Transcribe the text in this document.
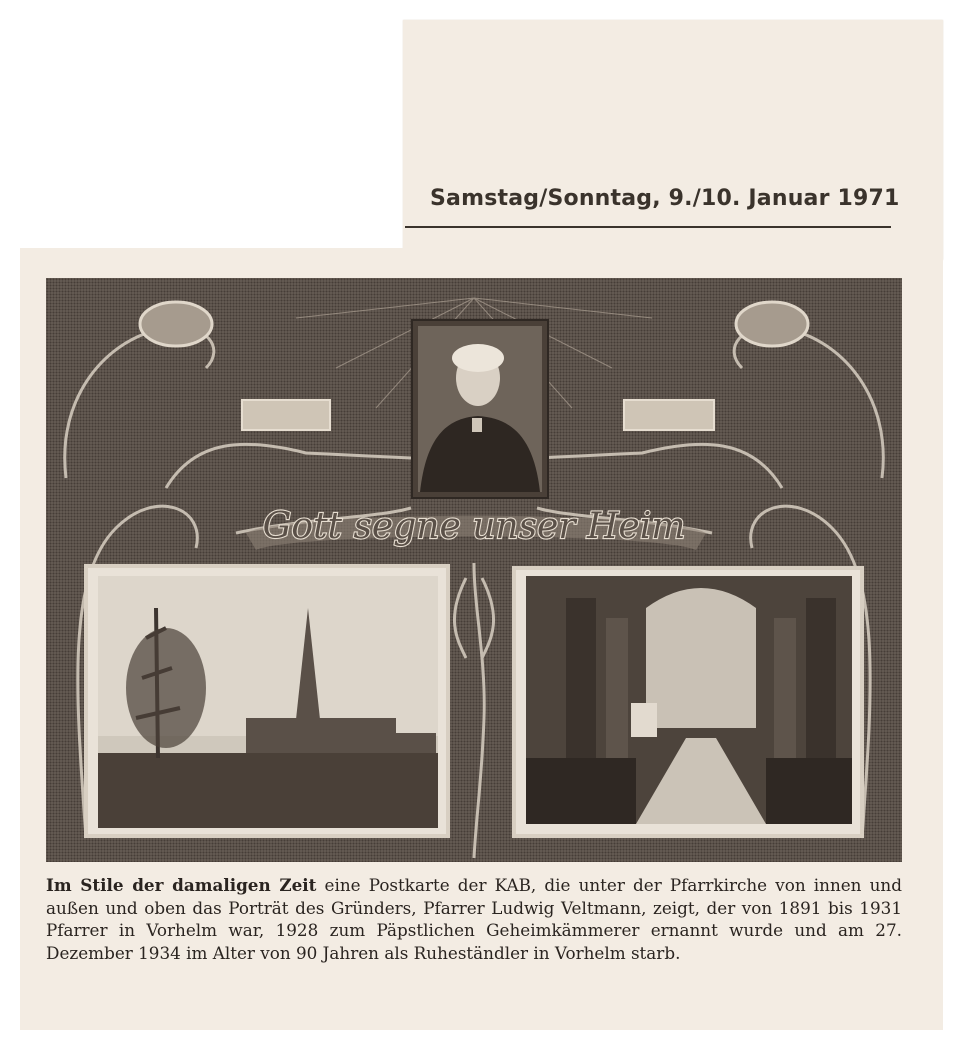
Samstag/Sonntag, 9./10. Januar 1971
Gott segne unser Heim
Im Stile der damaligen Zeit eine Postkarte der KAB, die unter der Pfarrkirche von innen und außen und oben das Porträt des Gründers, Pfarrer Ludwig Veltmann, zeigt, der von 1891 bis 1931 Pfarrer in Vorhelm war, 1928 zum Päpstlichen Geheimkämmerer ernannt wurde und am 27. Dezember 1934 im Alter von 90 Jahren als Ruheständler in Vorhelm starb.
